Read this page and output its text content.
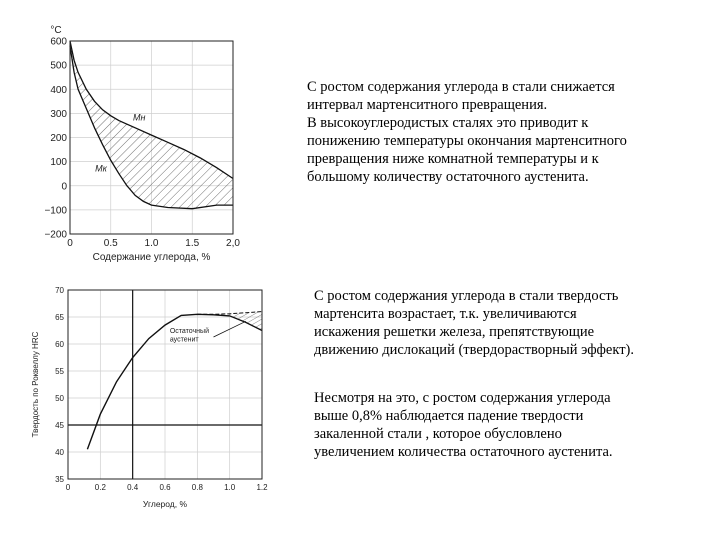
600
500
400
300
200
100
0
−100
−200
0	0.5	1.0	1.5	2,0
°C
Содержание углерода, %
Mн
Mк
Остаточный
аустенит
70
65
60
55
50
45
40
35
0	0.2	0.4	0.6	0.8	1.0	1.2
Углерод, %
Твердость по Роквеллу HRC
С ростом содержания углерода в стали снижается
интервал мартенситного превращения.
В высокоуглеродистых сталях это приводит к
понижению температуры окончания мартенситного
превращения ниже комнатной температуры и к
большому количеству остаточного аустенита.
С ростом содержания углерода в стали твердость
мартенсита возрастает, т.к. увеличиваются
искажения решетки железа, препятствующие
движению дислокаций (твердорастворный эффект).
Несмотря на это, с ростом содержания углерода
выше 0,8% наблюдается падение твердости
закаленной стали , которое обусловлено
увеличением количества остаточного аустенита.
